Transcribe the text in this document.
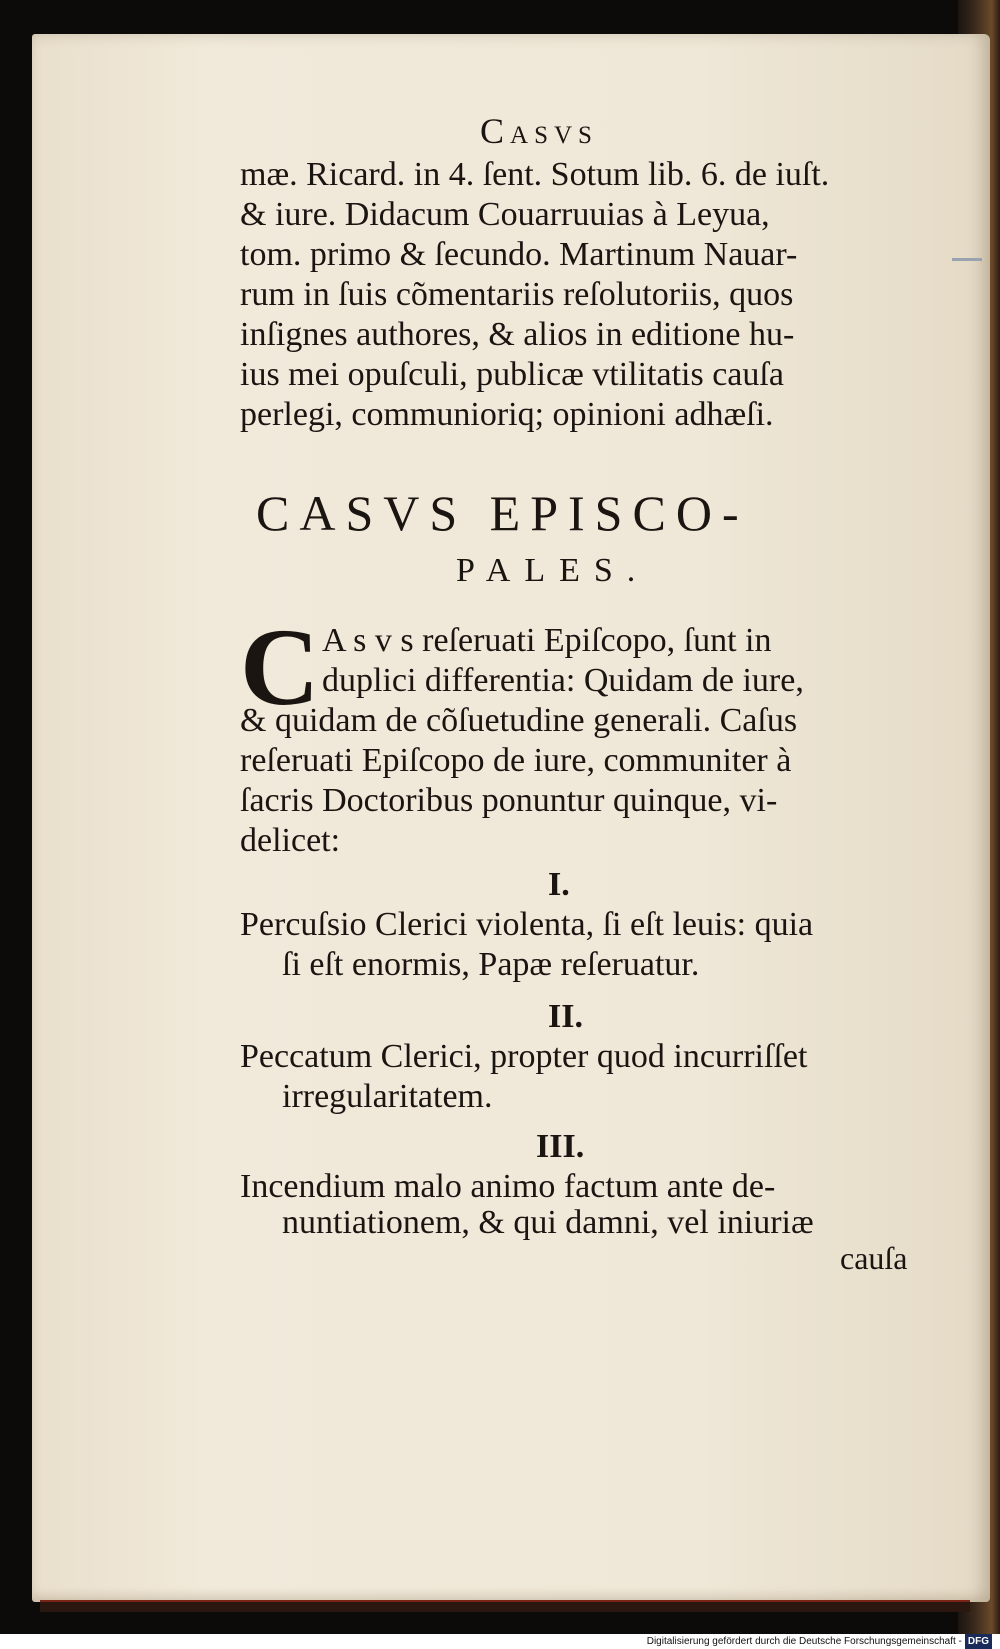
Casvs
mæ. Ricard. in 4. ſent. Sotum lib. 6. de iuſt.
& iure. Didacum Couarruuias à Leyua,
tom. primo & ſecundo. Martinum Nauar-
rum in ſuis cõmentariis reſolutoriis, quos
inſignes authores, & alios in editione hu-
ius mei opuſculi, publicæ vtilitatis cauſa
perlegi, communioriq; opinioni adhæſi.
CASVS EPISCO-
PALES.
C A s v s reſeruati Epiſcopo, ſunt in
duplici differentia: Quidam de iure,
& quidam de cõſuetudine generali. Caſus
reſeruati Epiſcopo de iure, communiter à
ſacris Doctoribus ponuntur quinque, vi-
delicet:
I.
Percuſsio Clerici violenta, ſi eſt leuis: quia
ſi eſt enormis, Papæ reſeruatur.
II.
Peccatum Clerici, propter quod incurriſſet
irregularitatem.
III.
Incendium malo animo factum ante de-
nuntiationem, & qui damni, vel iniuriæ
cauſa
Digitalisierung gefördert durch die Deutsche Forschungsgemeinschaft - DFG
